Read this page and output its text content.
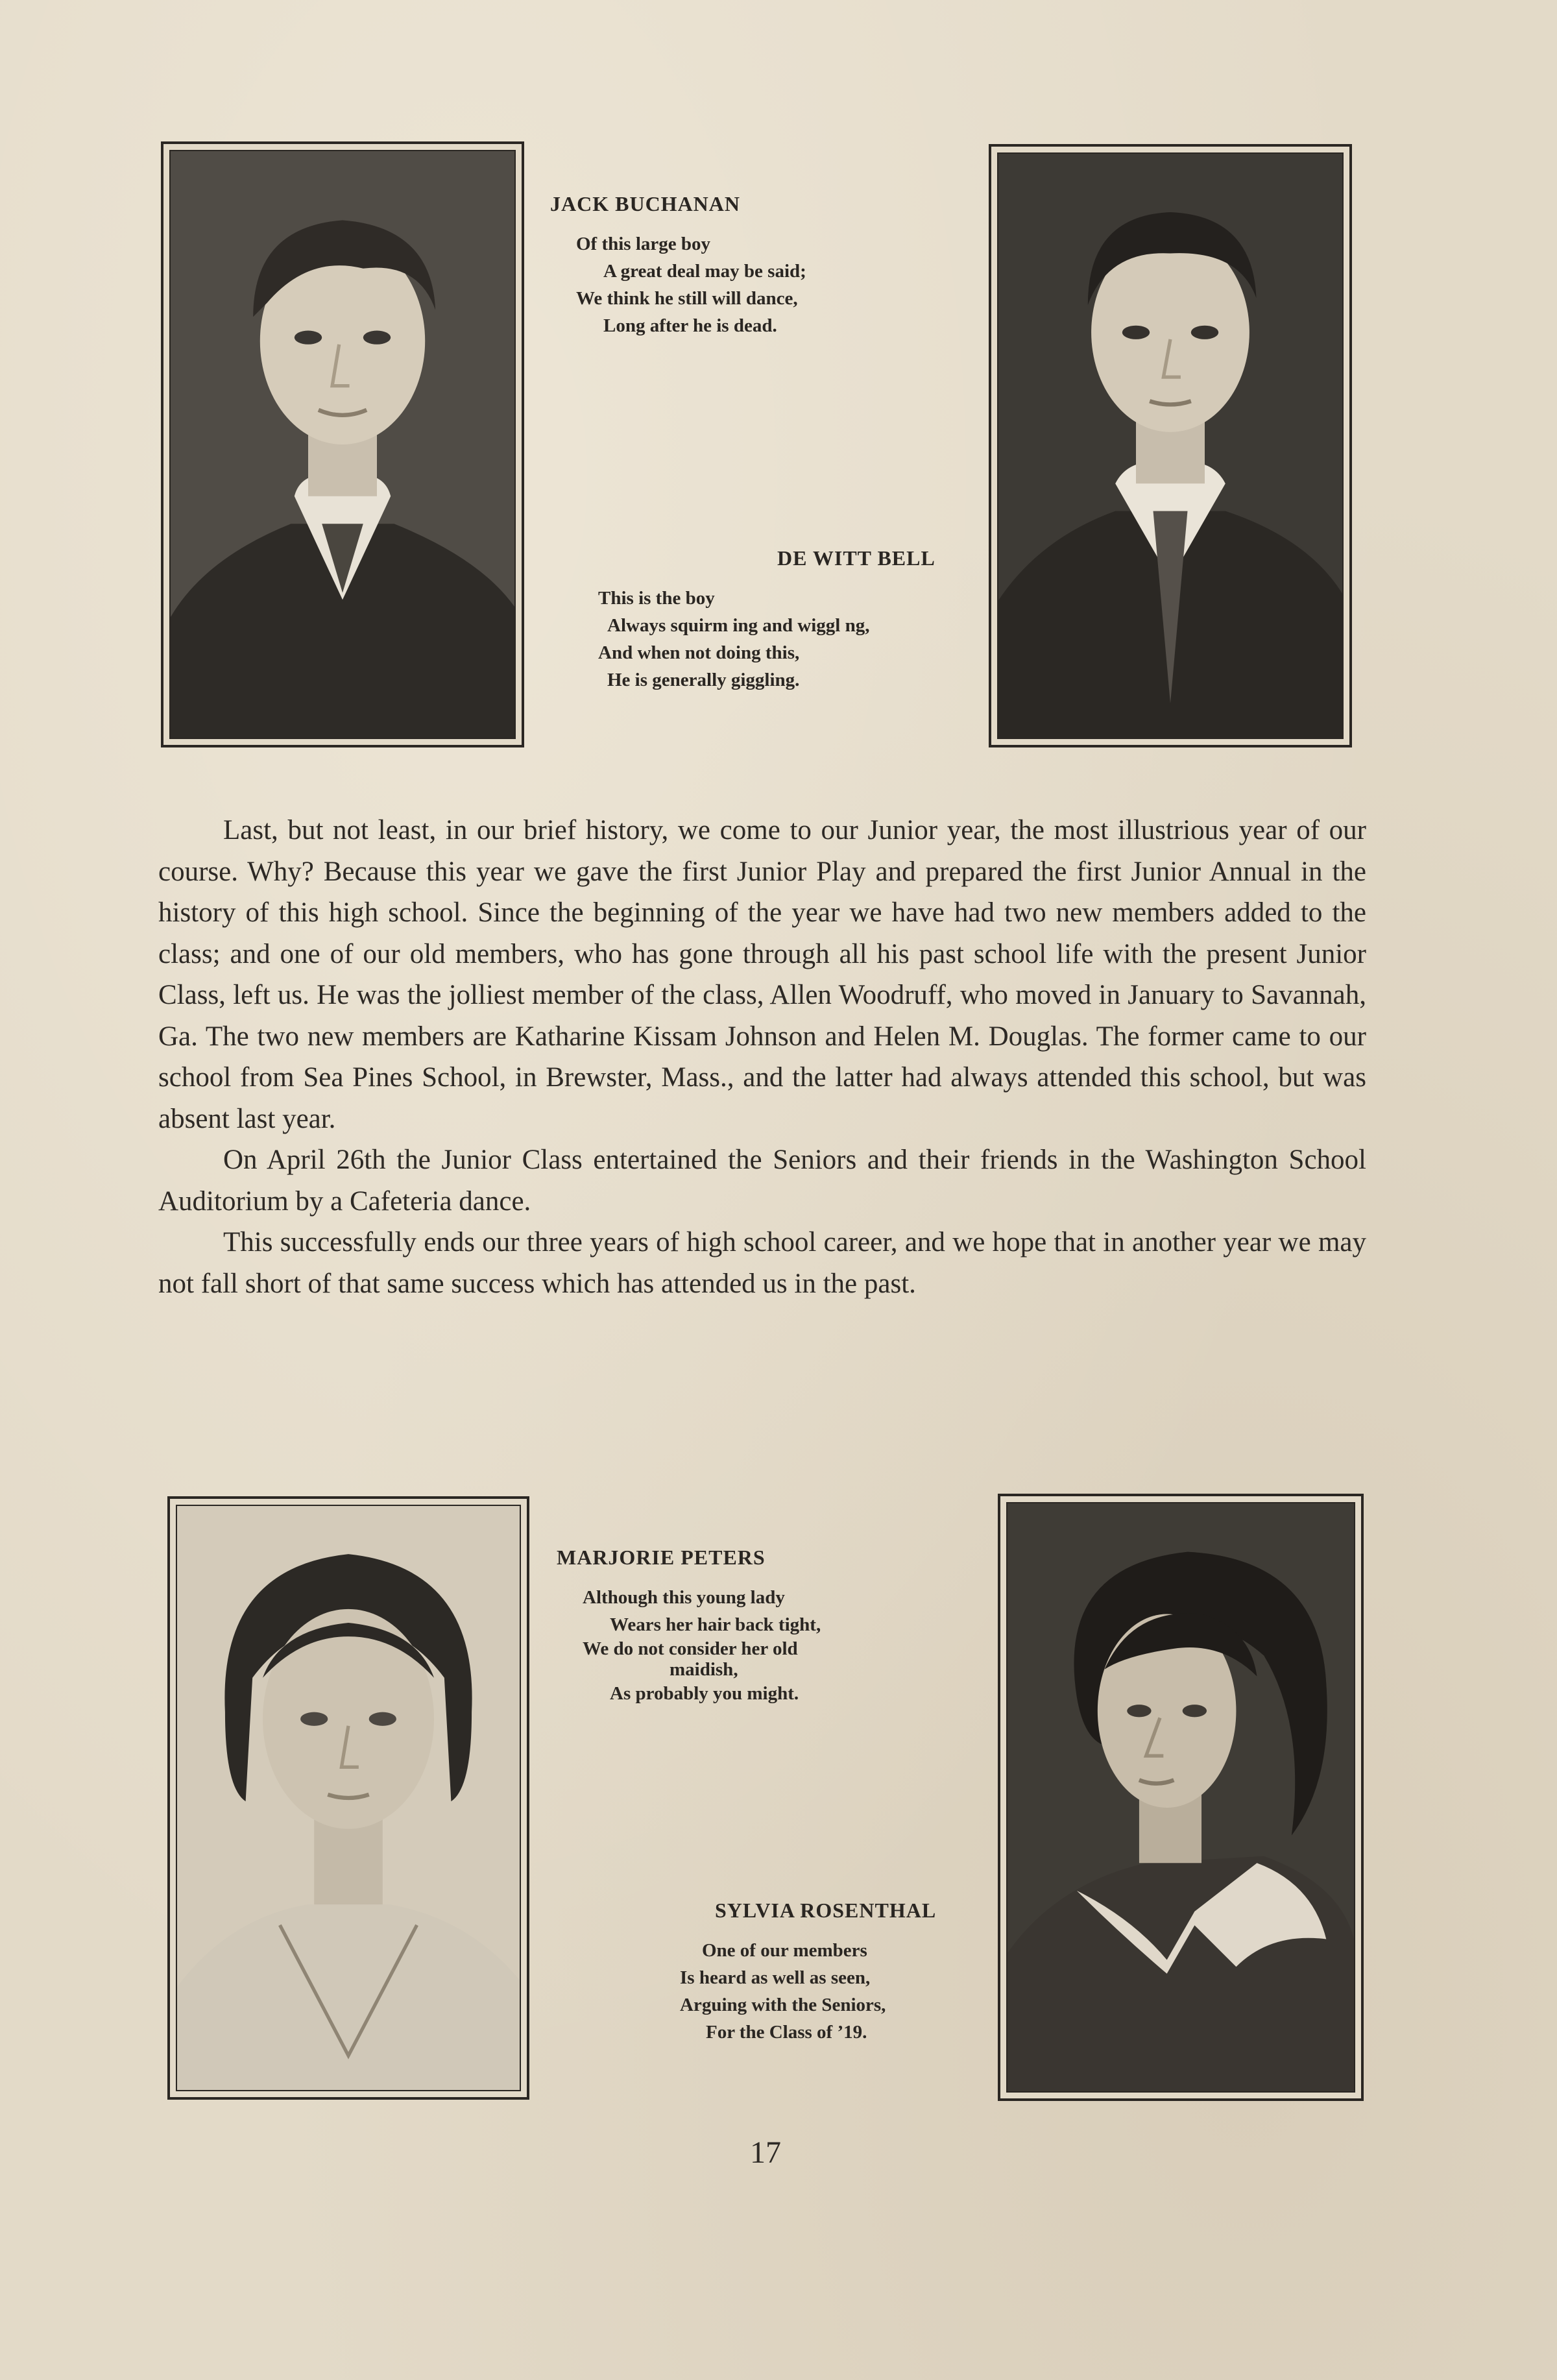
JACK BUCHANAN

Of this large boy

A great deal may be said;

We think he still will dance,

Long after he is dead.

DE WITT BELL

This is the boy

Always squirm ing and wiggl ng,

And when not doing this,

He is generally giggling.

Last, but not least, in our brief history, we come to our Junior year, the most illustrious year of our course. Why? Because this year we gave the first Junior Play and prepared the first Junior Annual in the history of this high school. Since the beginning of the year we have had two new members added to the class; and one of our old members, who has gone through all his past school life with the present Junior Class, left us. He was the jolliest member of the class, Allen Woodruff, who moved in January to Savannah, Ga. The two new members are Katharine Kissam Johnson and Helen M. Douglas. The former came to our school from Sea Pines School, in Brewster, Mass., and the latter had always attended this school, but was absent last year.

On April 26th the Junior Class entertained the Seniors and their friends in the Washington School Auditorium by a Cafeteria dance.

This successfully ends our three years of high school career, and we hope that in another year we may not fall short of that same success which has attended us in the past.

MARJORIE PETERS

Although this young lady

Wears her hair back tight,

We do not consider her old

maidish,

As probably you might.

SYLVIA ROSENTHAL

One of our members

Is heard as well as seen,

Arguing with the Seniors,

For the Class of ’19.

17
